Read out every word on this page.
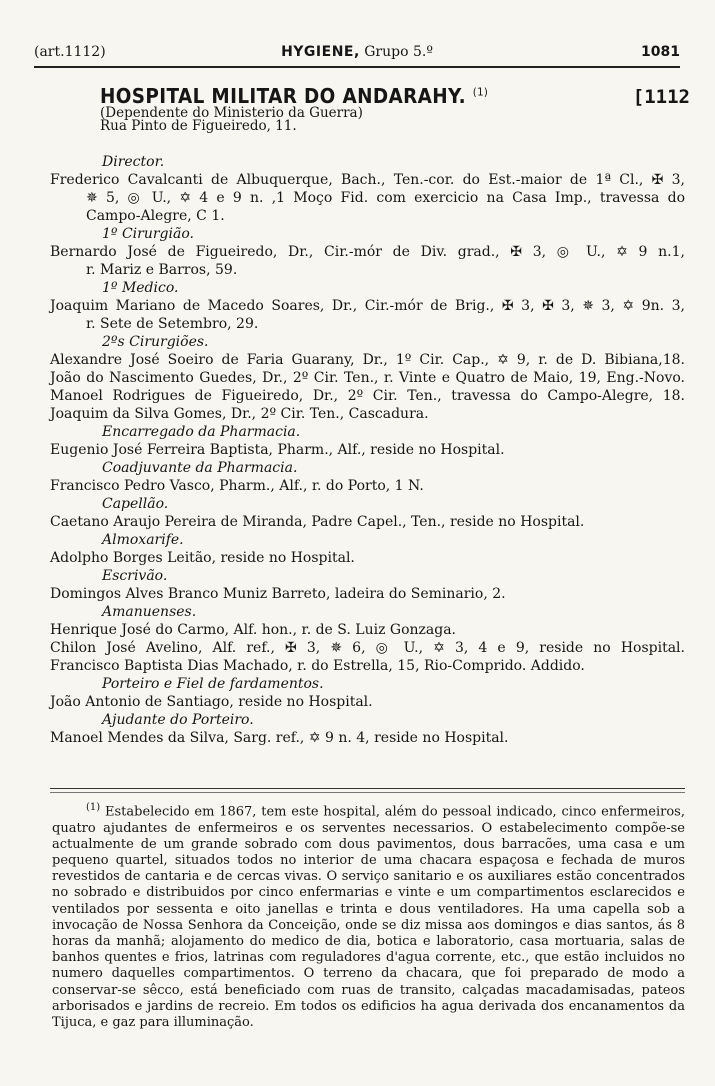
(art.1112)	HYGIENE, Grupo 5.º	1081
HOSPITAL MILITAR DO ANDARAHY. $^{(1)}$	[1112
(Dependente do Ministerio da Guerra)
Rua Pinto de Figueiredo, 11.

Director.

Frederico Cavalcanti de Albuquerque, Bach., Ten.-cor. do Est.-maior de 1ª Cl., ✠ 3,

✵ 5, ◎ U., ✡ 4 e 9 n. ,1 Moço Fid. com exercicio na Casa Imp., travessa do

Campo-Alegre, C 1.

1º Cirurgião.

Bernardo José de Figueiredo, Dr., Cir.-mór de Div. grad., ✠ 3, ◎ U., ✡ 9 n.1,

r. Mariz e Barros, 59.

1º Medico.

Joaquim Mariano de Macedo Soares, Dr., Cir.-mór de Brig., ✠ 3, ✠ 3, ✵ 3, ✡ 9n. 3,

r. Sete de Setembro, 29.

2ºs Cirurgiões.

Alexandre José Soeiro de Faria Guarany, Dr., 1º Cir. Cap., ✡ 9, r. de D. Bibiana,18.

João do Nascimento Guedes, Dr., 2º Cir. Ten., r. Vinte e Quatro de Maio, 19, Eng.-Novo.

Manoel Rodrigues de Figueiredo, Dr., 2º Cir. Ten., travessa do Campo-Alegre, 18.

Joaquim da Silva Gomes, Dr., 2º Cir. Ten., Cascadura.

Encarregado da Pharmacia.

Eugenio José Ferreira Baptista, Pharm., Alf., reside no Hospital.

Coadjuvante da Pharmacia.

Francisco Pedro Vasco, Pharm., Alf., r. do Porto, 1 N.

Capellão.

Caetano Araujo Pereira de Miranda, Padre Capel., Ten., reside no Hospital.

Almoxarife.

Adolpho Borges Leitão, reside no Hospital.

Escrivão.

Domingos Alves Branco Muniz Barreto, ladeira do Seminario, 2.

Amanuenses.

Henrique José do Carmo, Alf. hon., r. de S. Luiz Gonzaga.

Chilon José Avelino, Alf. ref., ✠ 3, ✵ 6, ◎ U., ✡ 3, 4 e 9, reside no Hospital.

Francisco Baptista Dias Machado, r. do Estrella, 15, Rio-Comprido. Addido.

Porteiro e Fiel de fardamentos.

João Antonio de Santiago, reside no Hospital.

Ajudante do Porteiro.

Manoel Mendes da Silva, Sarg. ref., ✡ 9 n. 4, reside no Hospital.

$^{(1)}$ Estabelecido em 1867, tem este hospital, além do pessoal indicado, cinco enfermeiros, quatro ajudantes de enfermeiros e os serventes necessarios. O estabelecimento compõe-se actualmente de um grande sobrado com dous pavimentos, dous barracões, uma casa e um pequeno quartel, situados todos no interior de uma chacara espaçosa e fechada de muros revestidos de cantaria e de cercas vivas. O serviço sanitario e os auxiliares estão concentrados no sobrado e distribuidos por cinco enfermarias e vinte e um compartimentos esclarecidos e ventilados por sessenta e oito janellas e trinta e dous ventiladores. Ha uma capella sob a invocação de Nossa Senhora da Conceição, onde se diz missa aos domingos e dias santos, ás 8 horas da manhã; alojamento do medico de dia, botica e laboratorio, casa mortuaria, salas de banhos quentes e frios, latrinas com reguladores d'agua corrente, etc., que estão incluidos no numero daquelles compartimentos. O terreno da chacara, que foi preparado de modo a conservar-se sêcco, está beneficiado com ruas de transito, calçadas macadamisadas, pateos arborisados e jardins de recreio. Em todos os edificios ha agua derivada dos encanamentos da Tijuca, e gaz para illuminação.
